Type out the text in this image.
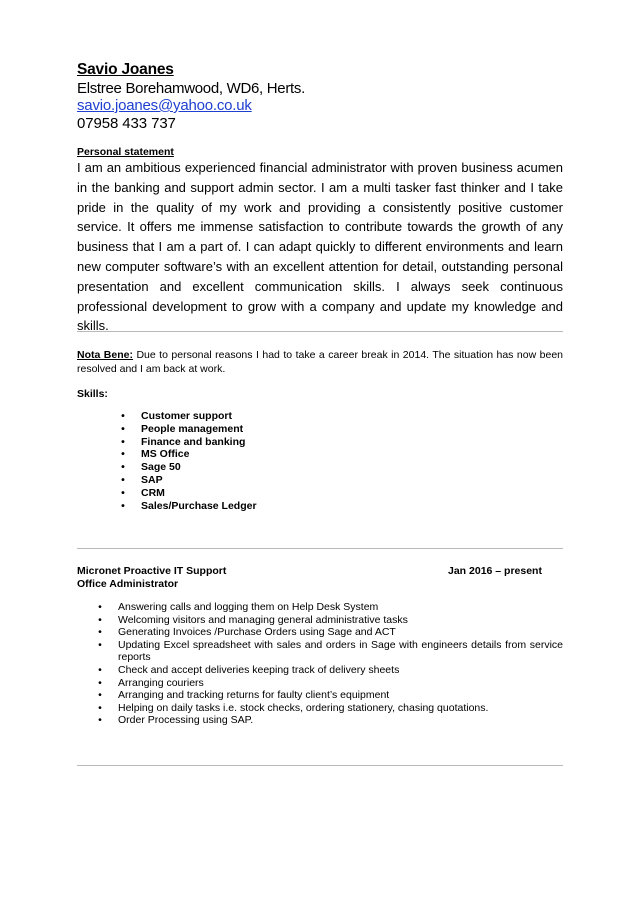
Savio Joanes
Elstree Borehamwood, WD6, Herts.
savio.joanes@yahoo.co.uk
07958 433 737
Personal statement

I am an ambitious experienced financial administrator with proven business acumen in the banking and support admin sector. I am a multi tasker fast thinker and I take pride in the quality of my work and providing a consistently positive customer service. It offers me immense satisfaction to contribute towards the growth of any business that I am a part of. I can adapt quickly to different environments and learn new computer software’s with an excellent attention for detail, outstanding personal presentation and excellent communication skills. I always seek continuous professional development to grow with a company and update my knowledge and skills.

Nota Bene: Due to personal reasons I had to take a career break in 2014. The situation has now been resolved and I am back at work.
Skills:
•	Customer support
•	People management
•	Finance and banking
•	MS Office
•	Sage 50
•	SAP
•	CRM
•	Sales/Purchase Ledger
Micronet Proactive IT Support	Jan 2016 – present
Office Administrator
•	Answering calls and logging them on Help Desk System
•	Welcoming visitors and managing general administrative tasks
•	Generating Invoices /Purchase Orders using Sage and ACT
•	Updating Excel spreadsheet with sales and orders in Sage with engineers details from service reports
•	Check and accept deliveries keeping track of delivery sheets
•	Arranging couriers
•	Arranging and tracking returns for faulty client’s equipment
•	Helping on daily tasks i.e. stock checks, ordering stationery, chasing quotations.
•	Order Processing using SAP.
